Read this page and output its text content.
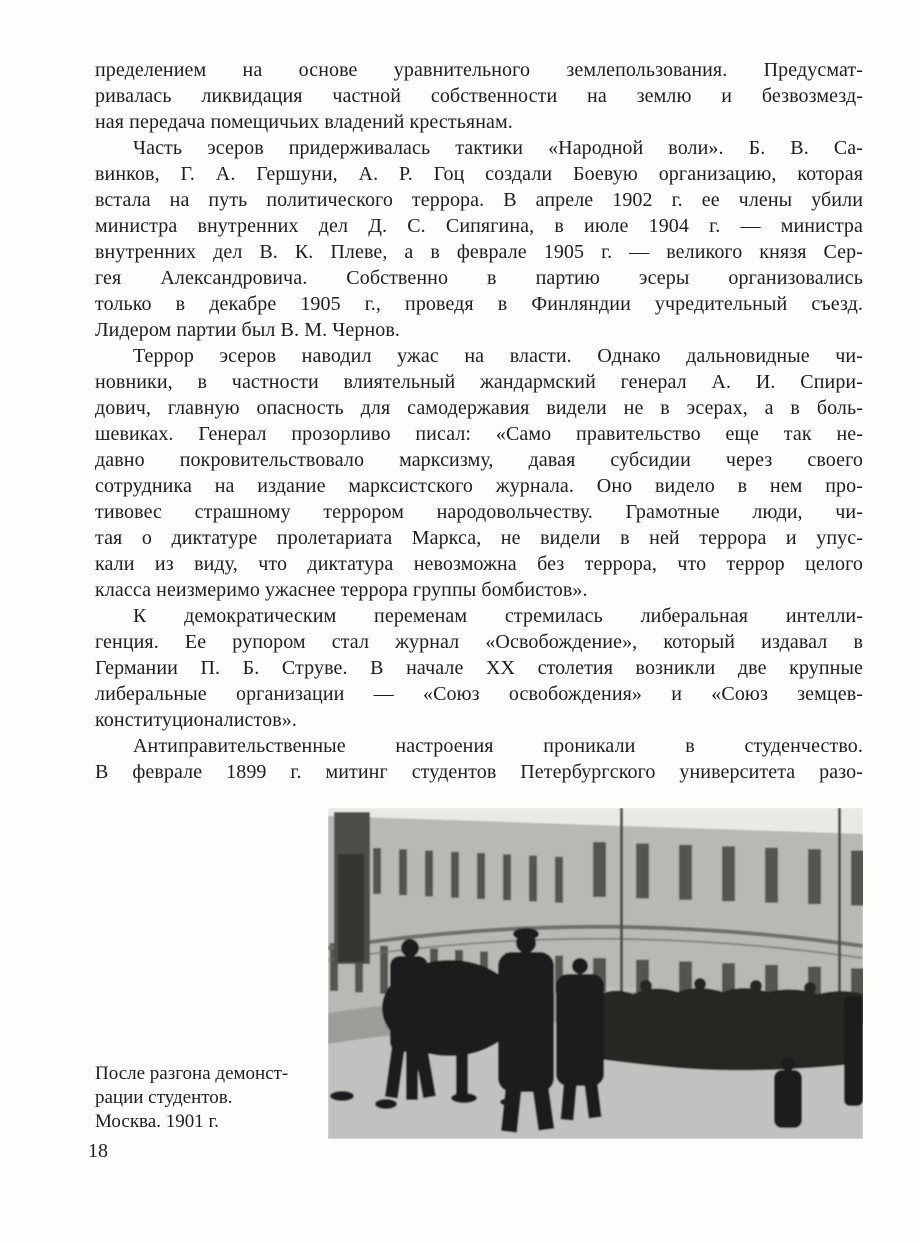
пределением на основе уравнительного землепользования. Предусмат-
ривалась ликвидация частной собственности на землю и безвозмезд-
ная передача помещичьих владений крестьянам.
Часть эсеров придерживалась тактики «Народной воли». Б. В. Са-
винков, Г. А. Гершуни, А. Р. Гоц создали Боевую организацию, которая
встала на путь политического террора. В апреле 1902 г. ее члены убили
министра внутренних дел Д. С. Сипягина, в июле 1904 г. — министра
внутренних дел В. К. Плеве, а в феврале 1905 г. — великого князя Сер-
гея Александровича. Собственно в партию эсеры организовались
только в декабре 1905 г., проведя в Финляндии учредительный съезд.
Лидером партии был В. М. Чернов.
Террор эсеров наводил ужас на власти. Однако дальновидные чи-
новники, в частности влиятельный жандармский генерал А. И. Спири-
дович, главную опасность для самодержавия видели не в эсерах, а в боль-
шевиках. Генерал прозорливо писал: «Само правительство еще так не-
давно покровительствовало марксизму, давая субсидии через своего
сотрудника на издание марксистского журнала. Оно видело в нем про-
тивовес страшному террором народовольчеству. Грамотные люди, чи-
тая о диктатуре пролетариата Маркса, не видели в ней террора и упус-
кали из виду, что диктатура невозможна без террора, что террор целого
класса неизмеримо ужаснее террора группы бомбистов».
К демократическим переменам стремилась либеральная интелли-
генция. Ее рупором стал журнал «Освобождение», который издавал в
Германии П. Б. Струве. В начале XX столетия возникли две крупные
либеральные организации — «Союз освобождения» и «Союз земцев-
конституционалистов».
Антиправительственные настроения проникали в студенчество.
В феврале 1899 г. митинг студентов Петербургского университета разо-
После разгона демонст-
рации студентов.
Москва. 1901 г.
18
